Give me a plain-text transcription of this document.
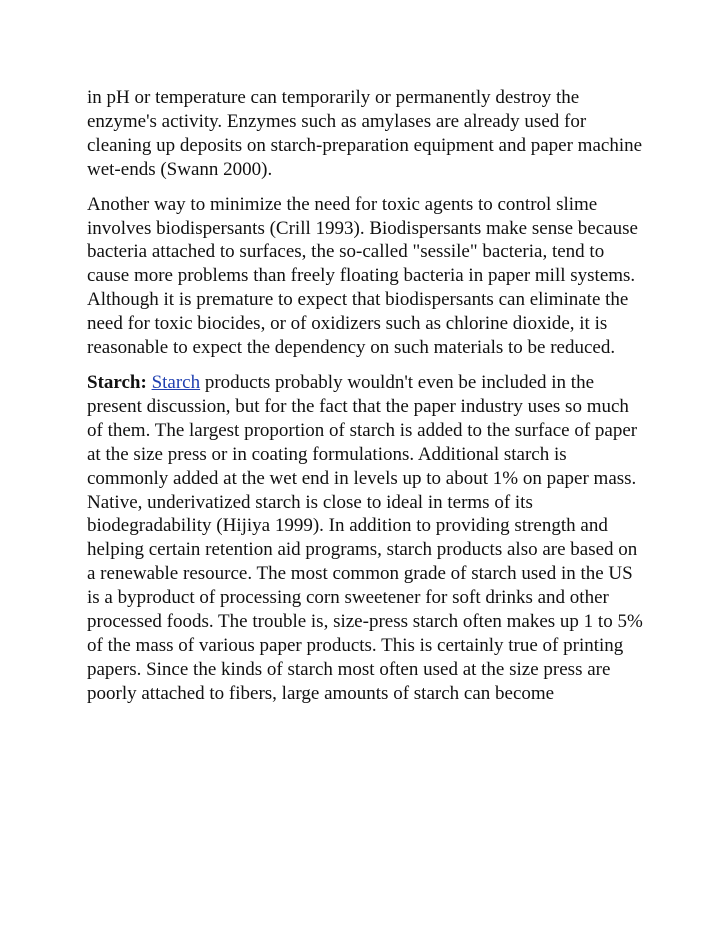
in pH or temperature can temporarily or permanently destroy the enzyme's activity. Enzymes such as amylases are already used for cleaning up deposits on starch-preparation equipment and paper machine wet-ends (Swann 2000).

Another way to minimize the need for toxic agents to control slime involves biodispersants (Crill 1993). Biodispersants make sense because bacteria attached to surfaces, the so-called "sessile" bacteria, tend to cause more problems than freely floating bacteria in paper mill systems. Although it is premature to expect that biodispersants can eliminate the need for toxic biocides, or of oxidizers such as chlorine dioxide, it is reasonable to expect the dependency on such materials to be reduced.

Starch: Starch products probably wouldn't even be included in the present discussion, but for the fact that the paper industry uses so much of them. The largest proportion of starch is added to the surface of paper at the size press or in coating formulations. Additional starch is commonly added at the wet end in levels up to about 1% on paper mass. Native, underivatized starch is close to ideal in terms of its biodegradability (Hijiya 1999). In addition to providing strength and helping certain retention aid programs, starch products also are based on a renewable resource. The most common grade of starch used in the US is a byproduct of processing corn sweetener for soft drinks and other processed foods. The trouble is, size-press starch often makes up 1 to 5% of the mass of various paper products. This is certainly true of printing papers. Since the kinds of starch most often used at the size press are poorly attached to fibers, large amounts of starch can become
